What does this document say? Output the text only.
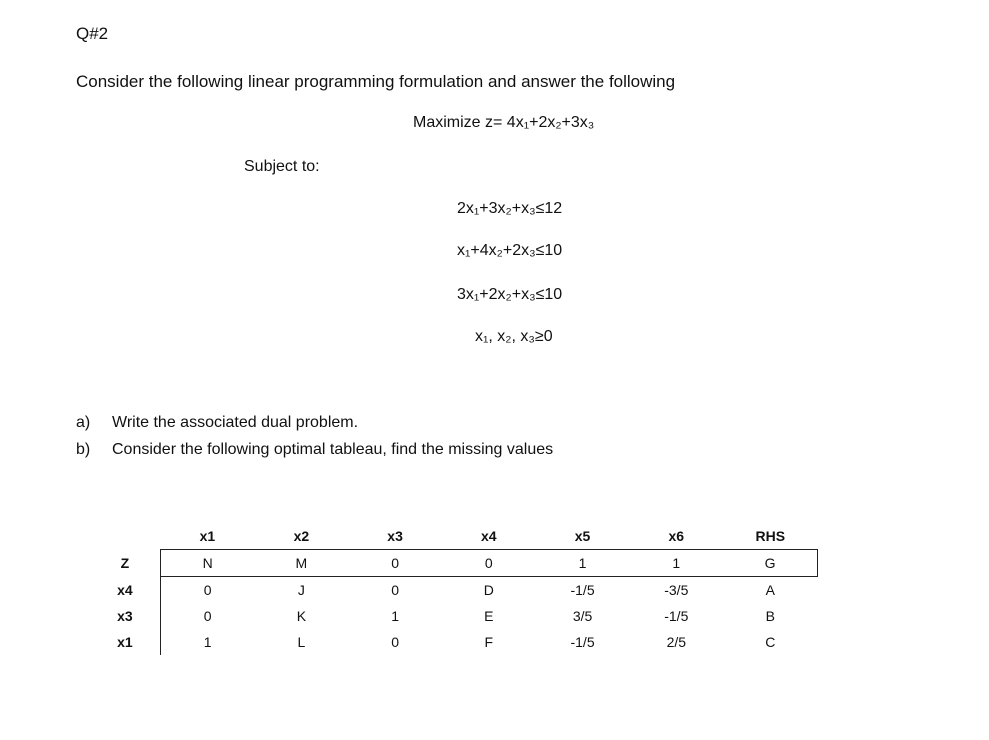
Q#2
Consider the following linear programming formulation and answer the following
Maximize z= 4x₁+2x₂+3x₃
Subject to:
2x₁+3x₂+x₃≤12
x₁+4x₂+2x₃≤10
3x₁+2x₂+x₃≤10
x₁, x₂, x₃≥0
a) Write the associated dual problem.
b) Consider the following optimal tableau, find the missing values
	x1	x2	x3	x4	x5	x6	RHS
Z	N	M	0	0	1	1	G
x4	0	J	0	D	-1/5	-3/5	A
x3	0	K	1	E	3/5	-1/5	B
x1	1	L	0	F	-1/5	2/5	C
